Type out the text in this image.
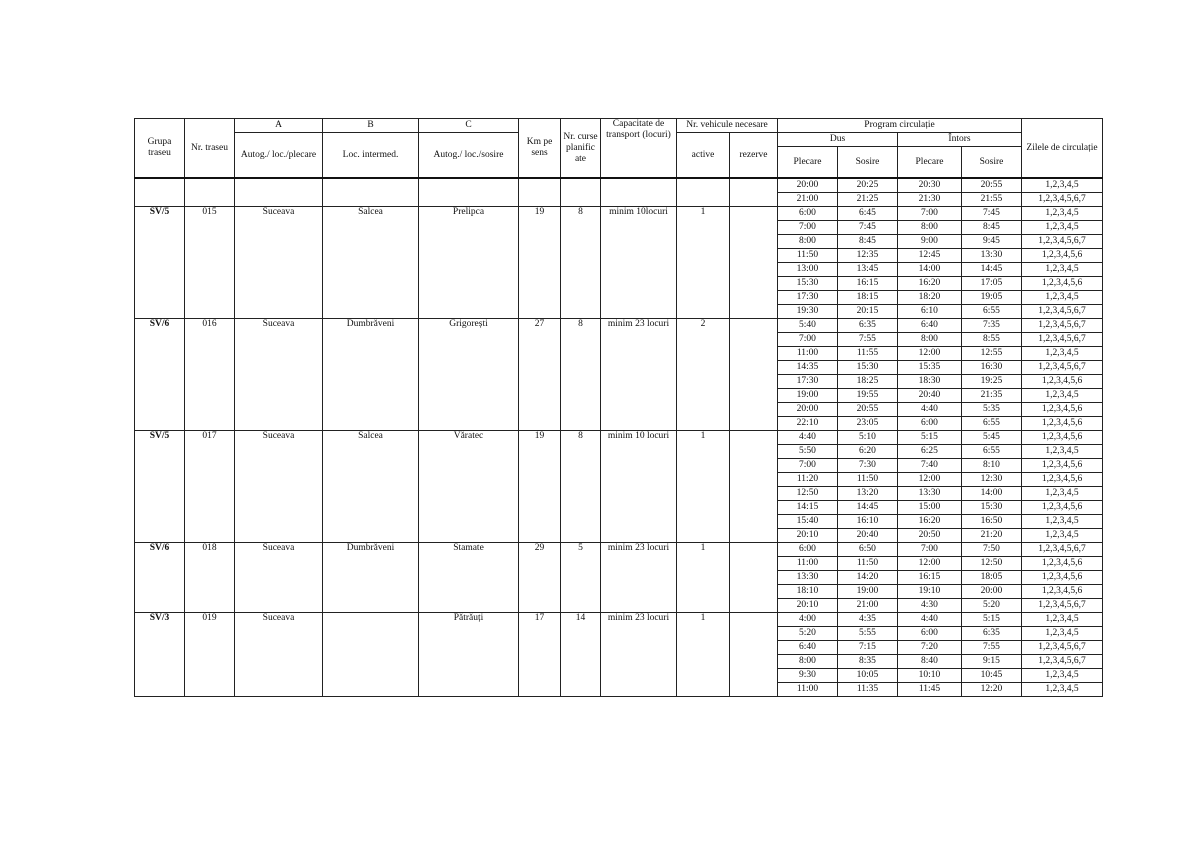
Grupa traseu	Nr. traseu	A	B	C	Km pe sens	Nr. curse planific ate	Capacitate de transport (locuri)	Nr. vehicule necesare		Program circulație				Zilele de circulație
		Autog./ loc./plecare	Loc. intermed.	Autog./ loc./sosire				active	rezerve	Dus		Întors		
										Plecare	Sosire	Plecare	Sosire	
										20:00	20:25	20:30	20:55	1,2,3,4,5
										21:00	21:25	21:30	21:55	1,2,3,4,5,6,7
SV/5	015	Suceava	Salcea	Prelipca	19	8	minim 10locuri	1		6:00	6:45	7:00	7:45	1,2,3,4,5
										7:00	7:45	8:00	8:45	1,2,3,4,5
										8:00	8:45	9:00	9:45	1,2,3,4,5,6,7
										11:50	12:35	12:45	13:30	1,2,3,4,5,6
										13:00	13:45	14:00	14:45	1,2,3,4,5
										15:30	16:15	16:20	17:05	1,2,3,4,5,6
										17:30	18:15	18:20	19:05	1,2,3,4,5
										19:30	20:15	6:10	6:55	1,2,3,4,5,6,7
SV/6	016	Suceava	Dumbrăveni	Grigorești	27	8	minim 23 locuri	2		5:40	6:35	6:40	7:35	1,2,3,4,5,6,7
										7:00	7:55	8:00	8:55	1,2,3,4,5,6,7
										11:00	11:55	12:00	12:55	1,2,3,4,5
										14:35	15:30	15:35	16:30	1,2,3,4,5,6,7
										17:30	18:25	18:30	19:25	1,2,3,4,5,6
										19:00	19:55	20:40	21:35	1,2,3,4,5
										20:00	20:55	4:40	5:35	1,2,3,4,5,6
										22:10	23:05	6:00	6:55	1,2,3,4,5,6
SV/5	017	Suceava	Salcea	Văratec	19	8	minim 10 locuri	1		4:40	5:10	5:15	5:45	1,2,3,4,5,6
										5:50	6:20	6:25	6:55	1,2,3,4,5
										7:00	7:30	7:40	8:10	1,2,3,4,5,6
										11:20	11:50	12:00	12:30	1,2,3,4,5,6
										12:50	13:20	13:30	14:00	1,2,3,4,5
										14:15	14:45	15:00	15:30	1,2,3,4,5,6
										15:40	16:10	16:20	16:50	1,2,3,4,5
										20:10	20:40	20:50	21:20	1,2,3,4,5
SV/6	018	Suceava	Dumbrăveni	Stamate	29	5	minim 23 locuri	1		6:00	6:50	7:00	7:50	1,2,3,4,5,6,7
										11:00	11:50	12:00	12:50	1,2,3,4,5,6
										13:30	14:20	16:15	18:05	1,2,3,4,5,6
										18:10	19:00	19:10	20:00	1,2,3,4,5,6
										20:10	21:00	4:30	5:20	1,2,3,4,5,6,7
SV/3	019	Suceava		Pătrăuți	17	14	minim 23 locuri	1		4:00	4:35	4:40	5:15	1,2,3,4,5
										5:20	5:55	6:00	6:35	1,2,3,4,5
										6:40	7:15	7:20	7:55	1,2,3,4,5,6,7
										8:00	8:35	8:40	9:15	1,2,3,4,5,6,7
										9:30	10:05	10:10	10:45	1,2,3,4,5
										11:00	11:35	11:45	12:20	1,2,3,4,5
